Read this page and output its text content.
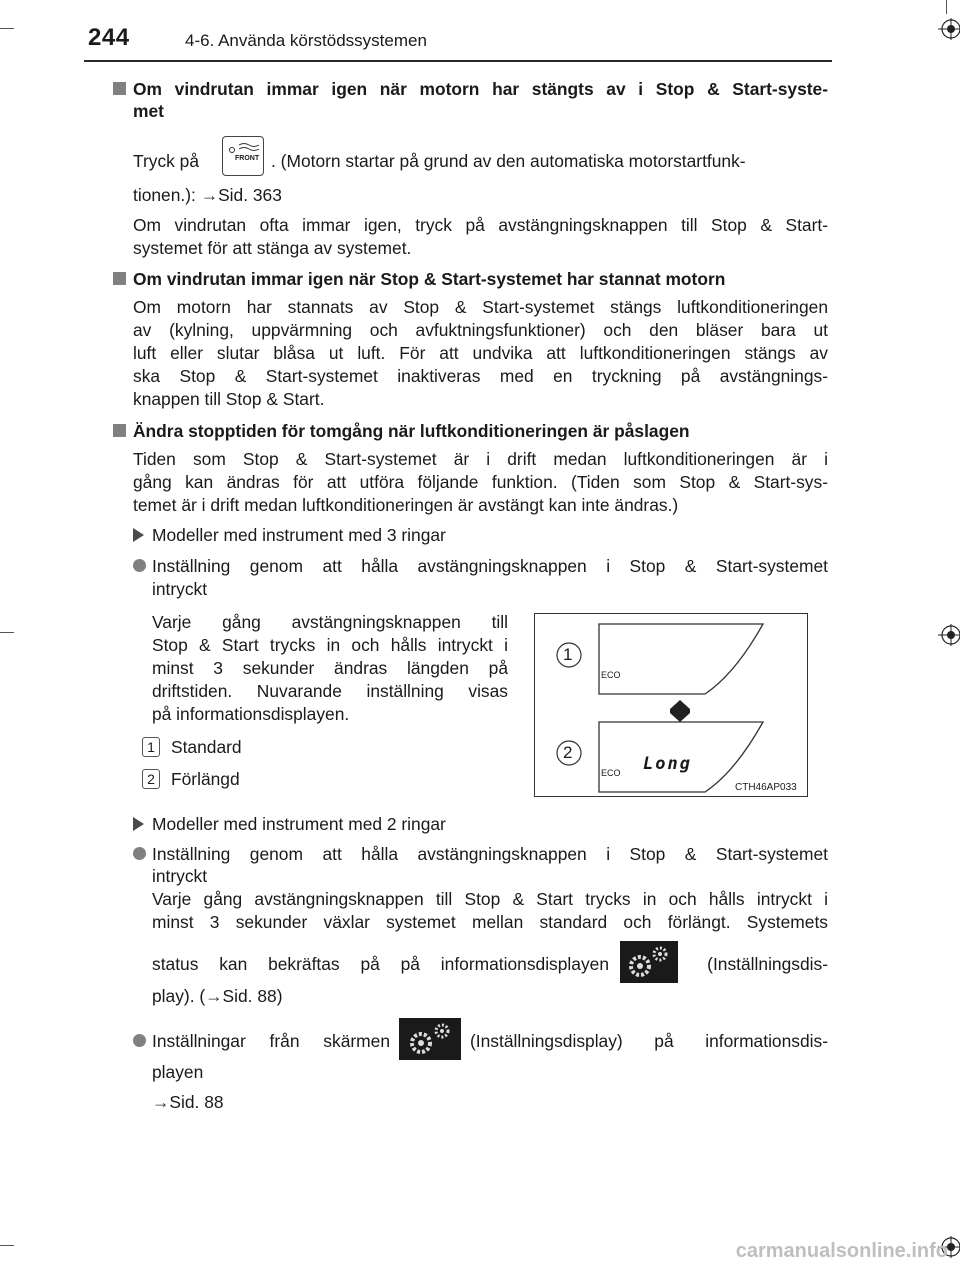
244	4-6. Använda körstödssystemen
Om vindrutan immar igen när motorn har stängts av i Stop & Start-syste-
met
Tryck på	FRONT . (Motorn startar på grund av den automatiska motorstartfunk-
tionen.): →Sid. 363
Om vindrutan ofta immar igen, tryck på avstängningsknappen till Stop & Start-
systemet för att stänga av systemet.
Om vindrutan immar igen när Stop & Start-systemet har stannat motorn
Om motorn har stannats av Stop & Start-systemet stängs luftkonditioneringen
av (kylning, uppvärmning och avfuktningsfunktioner) och den bläser bara ut
luft eller slutar blåsa ut luft. För att undvika att luftkonditioneringen stängs av
ska Stop & Start-systemet inaktiveras med en tryckning på avstängnings-
knappen till Stop & Start.
Ändra stopptiden för tomgång när luftkonditioneringen är påslagen
Tiden som Stop & Start-systemet är i drift medan luftkonditioneringen är i
gång kan ändras för att utföra följande funktion. (Tiden som Stop & Start-sys-
temet är i drift medan luftkonditioneringen är avstängt kan inte ändras.)
Modeller med instrument med 3 ringar
Inställning genom att hålla avstängningsknappen i Stop & Start-systemet
intryckt
Varje gång avstängningsknappen till
Stop & Start trycks in och hålls intryckt i
minst 3 sekunder ändras längden på
driftstiden. Nuvarande inställning visas
på informationsdisplayen.
1 Standard
2 Förlängd
1
2
ECO
ECO Long
CTH46AP033
Modeller med instrument med 2 ringar
Inställning genom att hålla avstängningsknappen i Stop & Start-systemet
intryckt
Varje gång avstängningsknappen till Stop & Start trycks in och hålls intryckt i
minst 3 sekunder växlar systemet mellan standard och förlängt. Systemets
status kan bekräftas på på informationsdisplayen	(Inställningsdis-
play). (→Sid. 88)
Inställningar från skärmen	(Inställningsdisplay) på informationsdis-
playen
→Sid. 88
carmanualsonline.info
